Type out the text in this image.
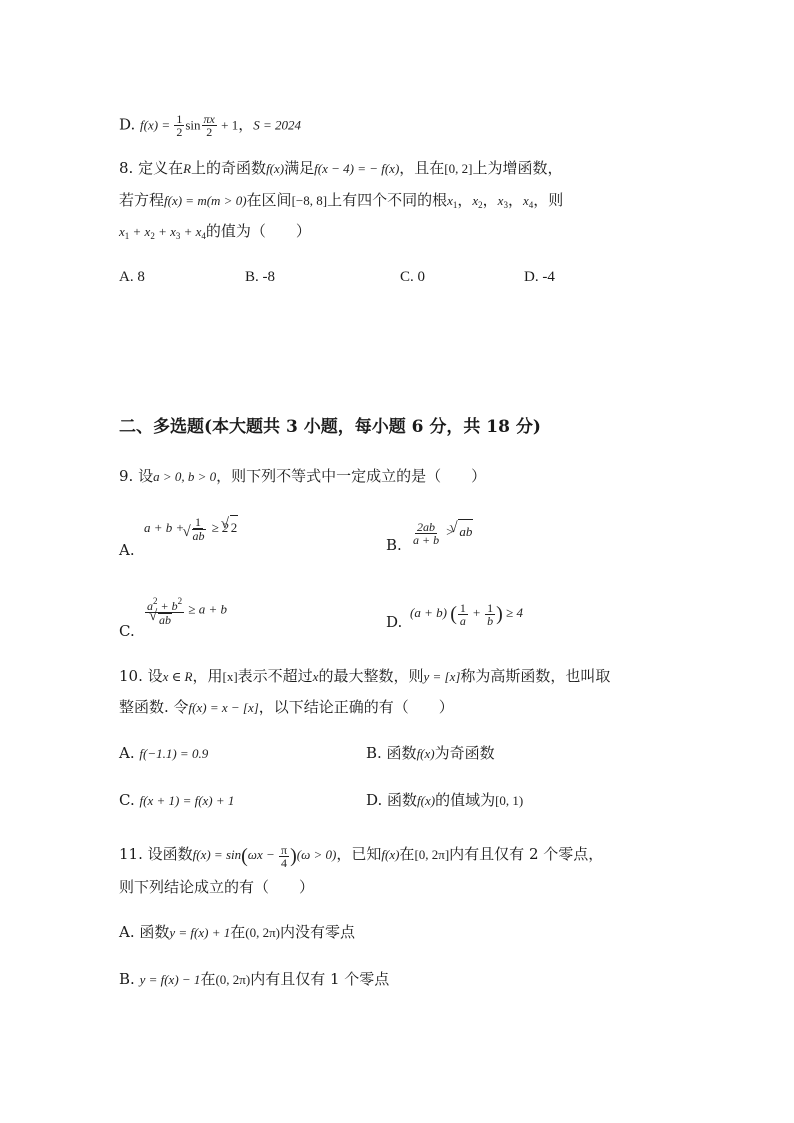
D. $f(x) = \frac{1}{2}$ $\sin \frac{\pi x}{2} + 1$，S = 2024
8. 定义在R上的奇函数f(x)满足f(x − 4) = − f(x)，且在[0, 2]上为增函数，
若方程f(x) = m(m > 0)在区间[−8, 8]上有四个不同的根$x_1$，$x_2$，$x_3$，$x_4$，则
$x_1 + x_2 + x_3 + x_4$的值为（　　）
A. 8	B. -8	C. 0	D. -4
二、多选题(本大题共 3 小题，每小题 6 分，共 18 分)
9. 设a > 0, b > 0，则下列不等式中一定成立的是（　　）
A.
a + b + 1
√ ab ≥ 2√ 2
B. $\frac{2ab}{a + b}$ > √ ab
C.
$a^2 + b^2$
√ ab ≥ a + b
D.
(a + b) ( $\frac{1}{a} + \frac{1}{b}$ ) ≥ 4
10. 设x ∈ R，用[x]表示不超过x的最大整数，则y = [x]称为高斯函数，也叫取
整函数. 令f(x) = x − [x]，以下结论正确的有（　　）
A. f(−1.1) = 0.9	B. 函数f(x)为奇函数
C. f(x + 1) = f(x) + 1	D. 函数f(x)的值域为[0, 1)
11. 设函数$f(x) = \sin(\omega x - \frac{\pi}{4} )(\omega > 0)$，已知f(x)在[0, 2π]内有且仅有 2 个零点，
则下列结论成立的有（　　）
A. 函数y = f(x) + 1在(0, 2π)内没有零点
B. y = f(x) − 1在(0, 2π)内有且仅有 1 个零点
